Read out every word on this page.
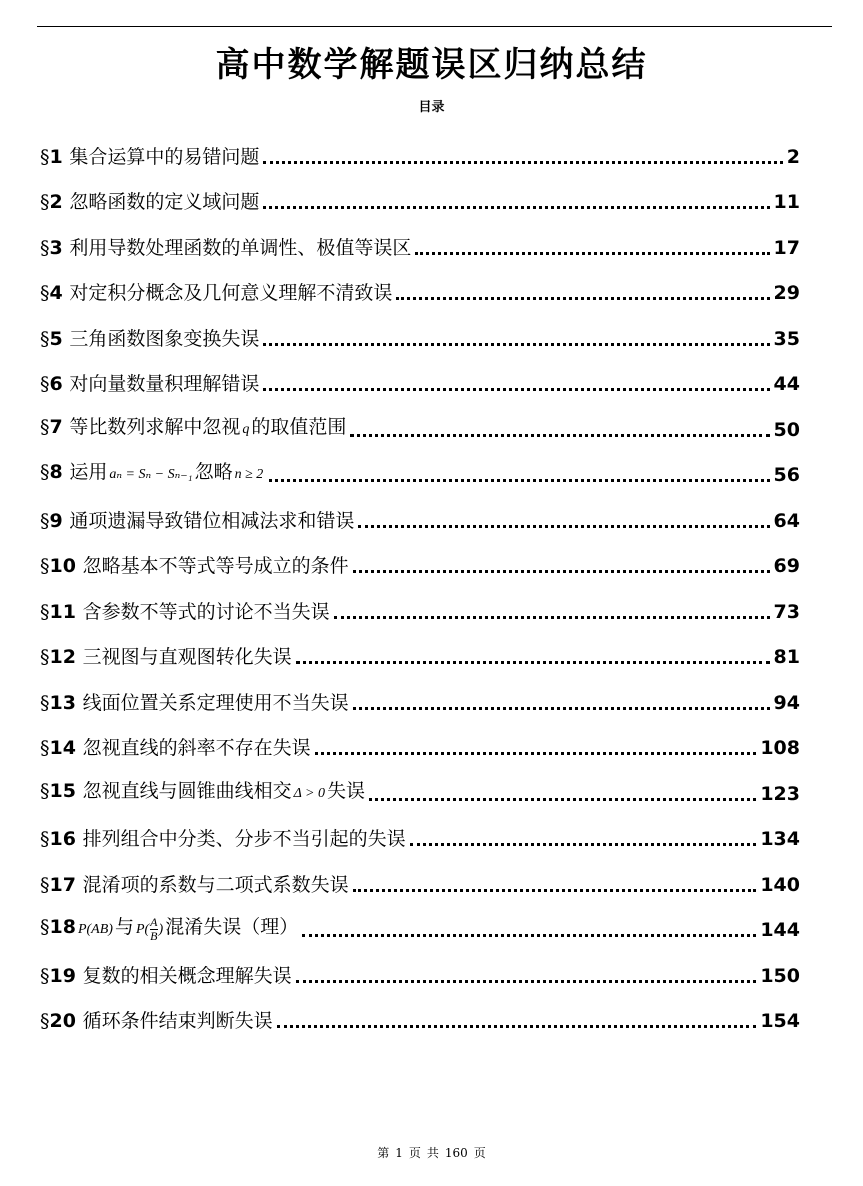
高中数学解题误区归纳总结
目录
§1 集合运算中的易错问题	2
§2 忽略函数的定义域问题	11
§3 利用导数处理函数的单调性、极值等误区	17
§4 对定积分概念及几何意义理解不清致误	29
§5 三角函数图象变换失误	35
§6 对向量数量积理解错误	44
§7 等比数列求解中忽视 q 的取值范围	50
§8 运用 aₙ = Sₙ − Sₙ₋₁ 忽略 n ≥ 2	56
§9 通项遗漏导致错位相减法求和错误	64
§10 忽略基本不等式等号成立的条件	69
§11 含参数不等式的讨论不当失误	73
§12 三视图与直观图转化失误	81
§13 线面位置关系定理使用不当失误	94
§14 忽视直线的斜率不存在失误	108
§15 忽视直线与圆锥曲线相交 Δ > 0 失误	123
§16 排列组合中分类、分步不当引起的失误	134
§17 混淆项的系数与二项式系数失误	140
§18 P(AB) 与 $P( \frac{A}{B}$ ) 混淆失误（理）	144
§19 复数的相关概念理解失误	150
§20 循环条件结束判断失误	154
第 1 页 共 160 页
